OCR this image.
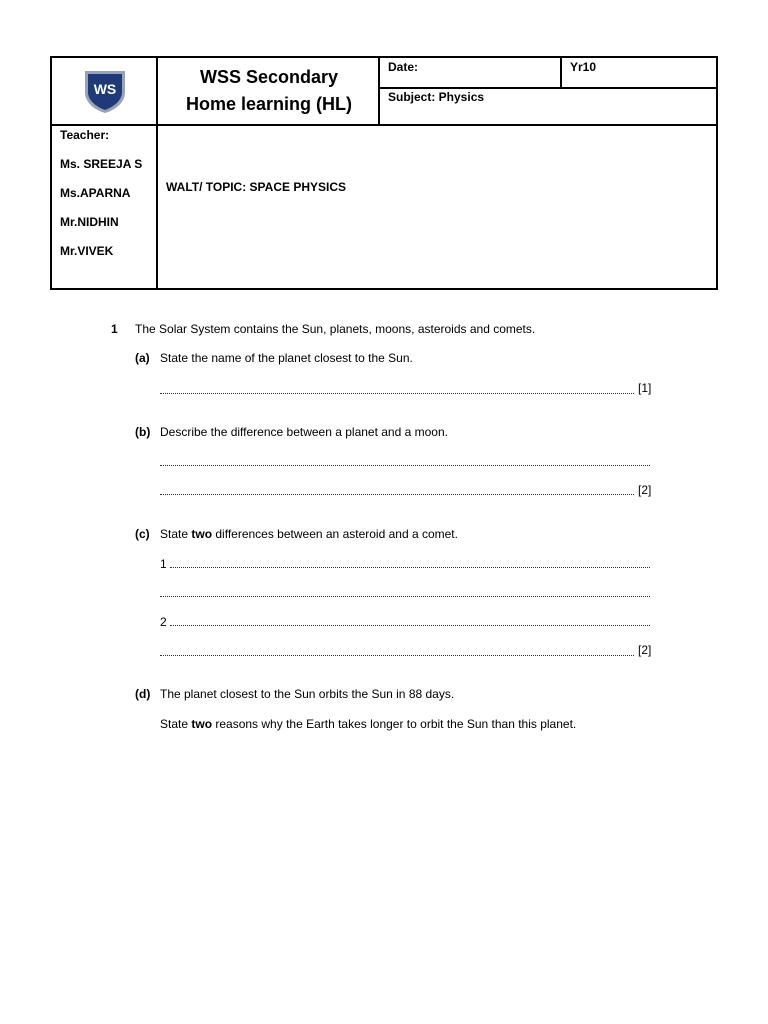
WS
WSS Secondary Home learning (HL)
Date:	Yr10
Subject: Physics
Teacher:
Ms. SREEJA S
Ms.APARNA
Mr.NIDHIN
Mr.VIVEK
WALT/ TOPIC: SPACE PHYSICS
1 The Solar System contains the Sun, planets, moons, asteroids and comets.
(a) State the name of the planet closest to the Sun.
[1]
(b) Describe the difference between a planet and a moon.
[2]
(c) State two differences between an asteroid and a comet.
1
2
[2]
(d) The planet closest to the Sun orbits the Sun in 88 days.
State two reasons why the Earth takes longer to orbit the Sun than this planet.
